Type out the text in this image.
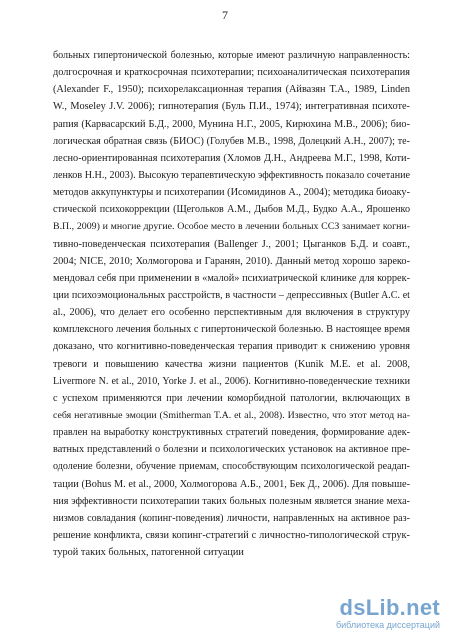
7
больных гипертонической болезнью, которые имеют различную направленность:
долгосрочная и краткосрочная психотерапии; психоаналитическая психотерапия
(Alexander F., 1950); психорелаксационная терапия (Айвазян Т.А., 1989, Linden
W., Moseley J.V. 2006); гипнотерапия (Буль П.И., 1974); интегративная психоте-
рапия (Карвасарский Б.Д., 2000, Мунина Н.Г., 2005, Кирюхина М.В., 2006); био-
логическая обратная связь (БИОС) (Голубев М.В., 1998, Долецкий А.Н., 2007); те-
лесно-ориентированная психотерапия (Хломов Д.Н., Андреева М.Г., 1998, Коти-
ленков Н.Н., 2003). Высокую терапевтическую эффективность показало сочетание
методов аккупунктуры и психотерапии (Исомидинов А., 2004); методика биоаку-
стической психокоррекции (Щегольков А.М., Дыбов М.Д., Будко А.А., Ярошенко
В.П., 2009) и многие другие. Особое место в лечении больных ССЗ занимает когни-
тивно-поведенческая психотерапия (Ballenger J., 2001; Цыганков Б.Д. и соавт.,
2004; NICE, 2010; Холмогорова и Гаранян, 2010). Данный метод хорошо зареко-
мендовал себя при применении в «малой» психиатрической клинике для коррек-
ции психоэмоциональных расстройств, в частности – депрессивных (Butler A.C. et
al., 2006), что делает его особенно перспективным для включения в структуру
комплексного лечения больных с гипертонической болезнью. В настоящее время
доказано, что когнитивно-поведенческая терапия приводит к снижению уровня
тревоги и повышению качества жизни пациентов (Kunik M.E. et al. 2008,
Livermore N. et al., 2010, Yorke J. et al., 2006). Когнитивно-поведенческие техники
с успехом применяются при лечении коморбидной патологии, включающих в
себя негативные эмоции (Smitherman T.A. et al., 2008). Известно, что этот метод на-
правлен на выработку конструктивных стратегий поведения, формирование адек-
ватных представлений о болезни и психологических установок на активное пре-
одоление болезни, обучение приемам, способствующим психологической реадап-
тации (Bohus M. et al., 2000, Холмогорова А.Б., 2001, Бек Д., 2006). Для повыше-
ния эффективности психотерапии таких больных полезным является знание меха-
низмов совладания (копинг-поведения) личности, направленных на активное раз-
решение конфликта, связи копинг-стратегий с личностно-типологической струк-
турой таких больных, патогенной ситуации
dsLib.net
библиотека диссертаций
